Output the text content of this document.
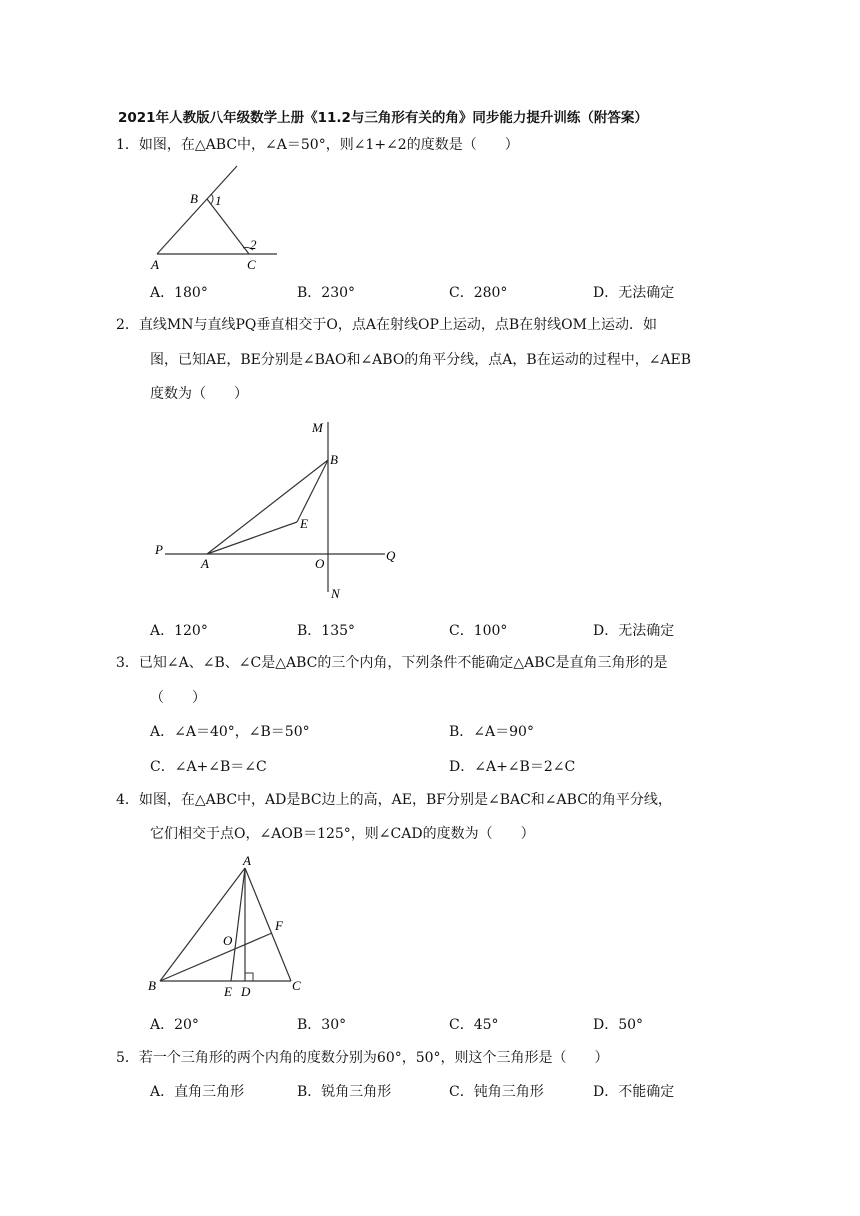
2021年人教版八年级数学上册《11.2与三角形有关的角》同步能力提升训练（附答案）
1．如图，在△ABC中，∠A＝50°，则∠1+∠2的度数是（　　）
B 1
2
A	C
A．180°	B．230°	C．280°	D．无法确定
2．直线MN与直线PQ垂直相交于O，点A在射线OP上运动，点B在射线OM上运动．如
图，已知AE，BE分别是∠BAO和∠ABO的角平分线，点A，B在运动的过程中，∠AEB
度数为（　　）
M
B
E
P
A	O
Q
N
A．120°	B．135°	C．100°	D．无法确定
3．已知∠A、∠B、∠C是△ABC的三个内角，下列条件不能确定△ABC是直角三角形的是
（　　）
A．∠A＝40°，∠B＝50°	B．∠A＝90°
C．∠A+∠B＝∠C	D．∠A+∠B＝2∠C
4．如图，在△ABC中，AD是BC边上的高，AE，BF分别是∠BAC和∠ABC的角平分线，
它们相交于点O，∠AOB＝125°，则∠CAD的度数为（　　）
A
F
O
B	E D	C
A．20°	B．30°	C．45°	D．50°
5．若一个三角形的两个内角的度数分别为60°，50°，则这个三角形是（　　）
A．直角三角形	B．锐角三角形	C．钝角三角形	D．不能确定
